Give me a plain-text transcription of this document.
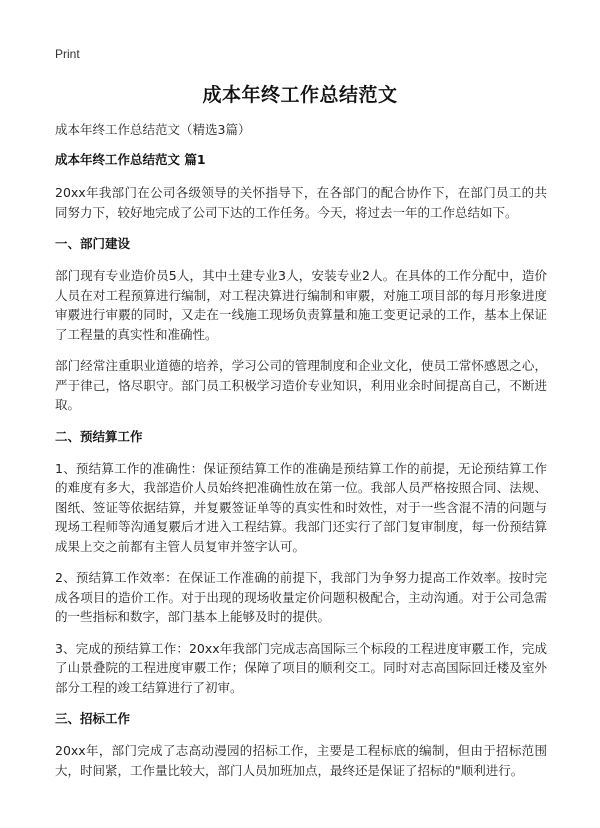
Print
成本年终工作总结范文

成本年终工作总结范文（精选3篇）

成本年终工作总结范文 篇1

20xx年我部门在公司各级领导的关怀指导下，在各部门的配合协作下，在部门员工的共同努力下，较好地完成了公司下达的工作任务。今天，将过去一年的工作总结如下。

一、部门建设

部门现有专业造价员5人，其中土建专业3人，安装专业2人。在具体的工作分配中，造价人员在对工程预算进行编制，对工程决算进行编制和审覈，对施工项目部的每月形象进度审覈进行审覈的同时，又走在一线施工现场负责算量和施工变更记录的工作，基本上保证了工程量的真实性和准确性。

部门经常注重职业道德的培养，学习公司的管理制度和企业文化，使员工常怀感恩之心，严于律己，恪尽职守。部门员工积极学习造价专业知识，利用业余时间提高自己，不断进取。

二、预结算工作

1、预结算工作的准确性：保证预结算工作的准确是预结算工作的前提，无论预结算工作的难度有多大，我部造价人员始终把准确性放在第一位。我部人员严格按照合同、法规、图纸、签证等依据结算，并复覈签证单等的真实性和时效性，对于一些含混不清的问题与现场工程师等沟通复覈后才进入工程结算。我部门还实行了部门复审制度，每一份预结算成果上交之前都有主管人员复审并签字认可。

2、预结算工作效率：在保证工作准确的前提下，我部门为争努力提高工作效率。按时完成各项目的造价工作。对于出现的现场收量定价问题积极配合，主动沟通。对于公司急需的一些指标和数字，部门基本上能够及时的提供。

3、完成的预结算工作：20xx年我部门完成志高国际三个标段的工程进度审覈工作，完成了山景叠院的工程进度审覈工作；保障了项目的顺利交工。同时对志高国际回迁楼及室外部分工程的竣工结算进行了初审。

三、招标工作

20xx年，部门完成了志高动漫园的招标工作，主要是工程标底的编制，但由于招标范围大，时间紧，工作量比较大，部门人员加班加点，最终还是保证了招标的"顺利进行。
